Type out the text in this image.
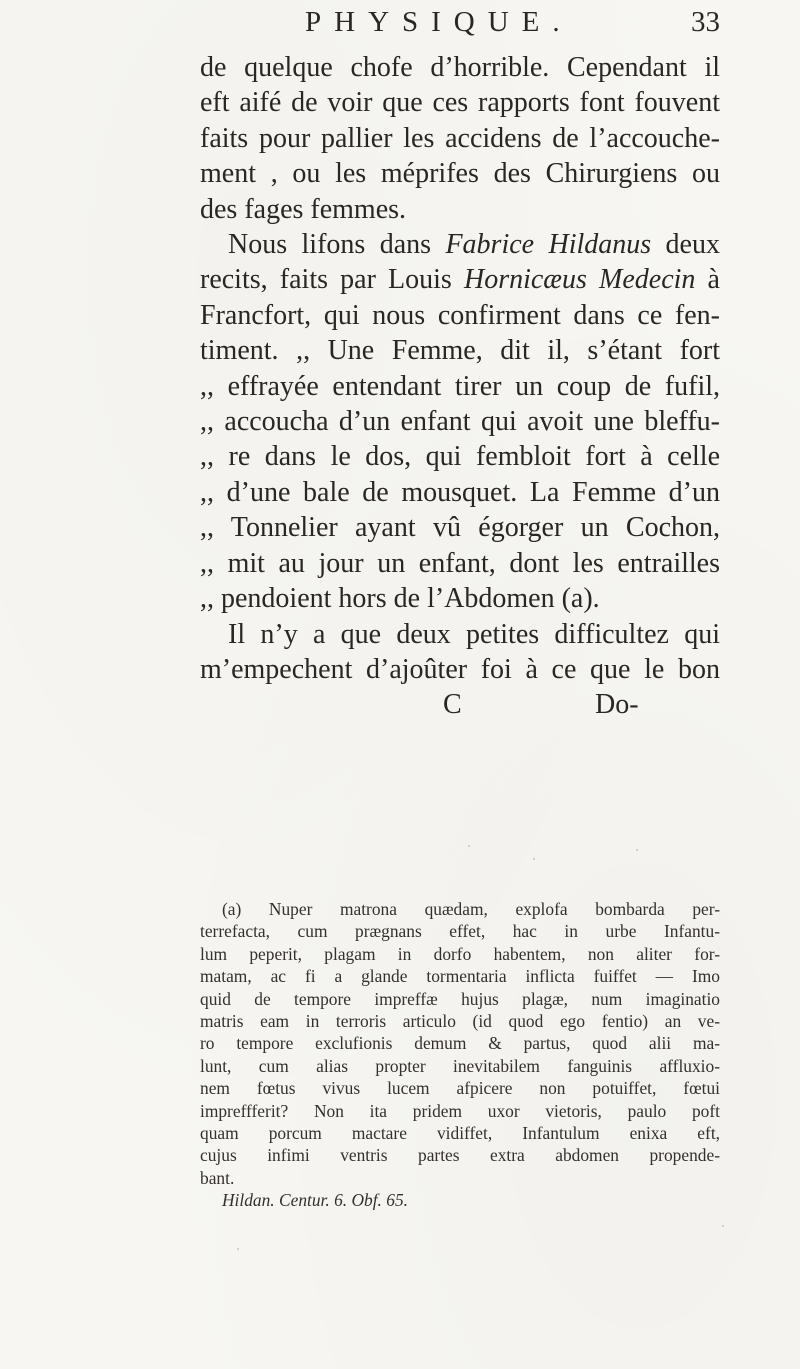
PHYSIQUE.	33
de quelque chofe d’horrible. Cependant il
eft aifé de voir que ces rapports font fouvent
faits pour pallier les accidens de l’accouche-
ment , ou les méprifes des Chirurgiens ou
des fages femmes.
Nous lifons dans Fabrice Hildanus deux
recits, faits par Louis Hornicæus Medecin à
Francfort, qui nous confirment dans ce fen-
timent. ,, Une Femme, dit il, s’étant fort
,, effrayée entendant tirer un coup de fufil,
,, accoucha d’un enfant qui avoit une bleffu-
,, re dans le dos, qui fembloit fort à celle
,, d’une bale de mousquet. La Femme d’un
,, Tonnelier ayant vû égorger un Cochon,
,, mit au jour un enfant, dont les entrailles
,, pendoient hors de l’Abdomen (a).
Il n’y a que deux petites difficultez qui
m’empechent d’ajoûter foi à ce que le bon
C	Do-
(a) Nuper matrona quædam, explofa bombarda per-
terrefacta, cum prægnans effet, hac in urbe Infantu-
lum peperit, plagam in dorfo habentem, non aliter for-
matam, ac fi a glande tormentaria inflicta fuiffet — Imo
quid de tempore impreffæ hujus plagæ, num imaginatio
matris eam in terroris articulo (id quod ego fentio) an ve-
ro tempore exclufionis demum & partus, quod alii ma-
lunt, cum alias propter inevitabilem fanguinis affluxio-
nem fœtus vivus lucem afpicere non potuiffet, fœtui
impreffferit? Non ita pridem uxor vietoris, paulo poft
quam porcum mactare vidiffet, Infantulum enixa eft,
cujus infimi ventris partes extra abdomen propende-
bant.
Hildan. Centur. 6. Obf. 65.
